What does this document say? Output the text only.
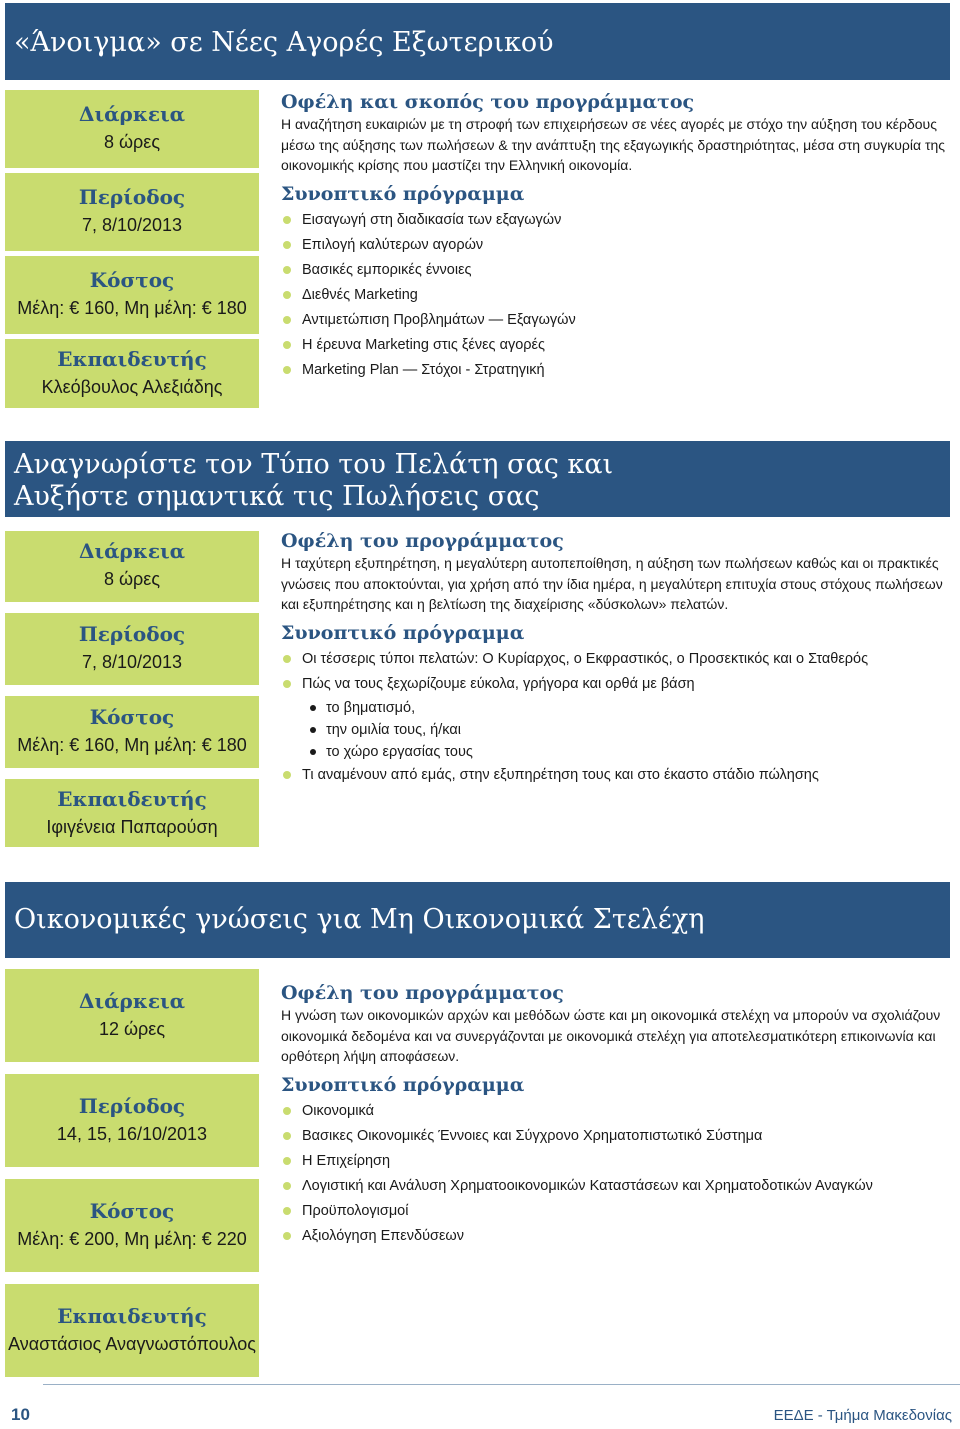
«Άνοιγμα» σε Νέες Αγορές Εξωτερικού
Διάρκεια
8 ώρες
Περίοδος
7, 8/10/2013
Κόστος
Μέλη: € 160, Μη μέλη: € 180
Εκπαιδευτής
Κλεόβουλος Αλεξιάδης
Οφέλη και σκοπός του προγράμματος

Η αναζήτηση ευκαιριών με τη στροφή των επιχειρήσεων σε νέες αγορές με στόχο την αύξηση του κέρδους μέσω της αύξησης των πωλήσεων & την ανάπτυξη της εξαγωγικής δραστηριότητας, μέσα στη συγκυρία της οικονομικής κρίσης που μαστίζει την Ελληνική οικονομία.

Συνοπτικό πρόγραμμα
Εισαγωγή στη διαδικασία των εξαγωγών
Επιλογή καλύτερων αγορών
Βασικές εμπορικές έννοιες
Διεθνές Marketing
Αντιμετώπιση Προβλημάτων — Εξαγωγών
Η έρευνα Marketing στις ξένες αγορές
Marketing Plan — Στόχοι - Στρατηγική
Αναγνωρίστε τον Τύπο του Πελάτη σας και
Αυξήστε σημαντικά τις Πωλήσεις σας
Διάρκεια
8 ώρες
Περίοδος
7, 8/10/2013
Κόστος
Μέλη: € 160, Μη μέλη: € 180
Εκπαιδευτής
Ιφιγένεια Παπαρούση
Οφέλη του προγράμματος

Η ταχύτερη εξυπηρέτηση, η μεγαλύτερη αυτοπεποίθηση, η αύξηση των πωλήσεων καθώς και οι πρακτικές γνώσεις που αποκτούνται, για χρήση από την ίδια ημέρα, η μεγαλύτερη επιτυχία στους στόχους πωλήσεων και εξυπηρέτησης και η βελτίωση της διαχείρισης «δύσκολων» πελατών.

Συνοπτικό πρόγραμμα
Οι τέσσερις τύποι πελατών: Ο Κυρίαρχος, ο Εκφραστικός, ο Προσεκτικός και ο Σταθερός
Πώς να τους ξεχωρίζουμε εύκολα, γρήγορα και ορθά με βάση
το βηματισμό,
την ομιλία τους, ή/και
το χώρο εργασίας τους
Τι αναμένουν από εμάς, στην εξυπηρέτηση τους και στο έκαστο στάδιο πώλησης
Οικονομικές γνώσεις για Μη Οικονομικά Στελέχη
Διάρκεια
12 ώρες
Περίοδος
14, 15, 16/10/2013
Κόστος
Μέλη: € 200, Μη μέλη: € 220
Εκπαιδευτής
Αναστάσιος Αναγνωστόπουλος
Οφέλη του προγράμματος

Η γνώση των οικονομικών αρχών και μεθόδων ώστε και μη οικονομικά στελέχη να μπορούν να σχολιάζουν οικονομικά δεδομένα και να συνεργάζονται με οικονομικά στελέχη για αποτελεσματικότερη επικοινωνία και ορθότερη λήψη αποφάσεων.

Συνοπτικό πρόγραμμα
Οικονομικά
Βασικες Οικονομικές Έννοιες και Σύγχρονο Χρηματοπιστωτικό Σύστημα
Η Επιχείρηση
Λογιστική και Ανάλυση Χρηματοοικονομικών Καταστάσεων και Χρηματοδοτικών Αναγκών
Προϋπολογισμοί
Αξιολόγηση Επενδύσεων
10	ΕΕΔΕ - Τμήμα Μακεδονίας
